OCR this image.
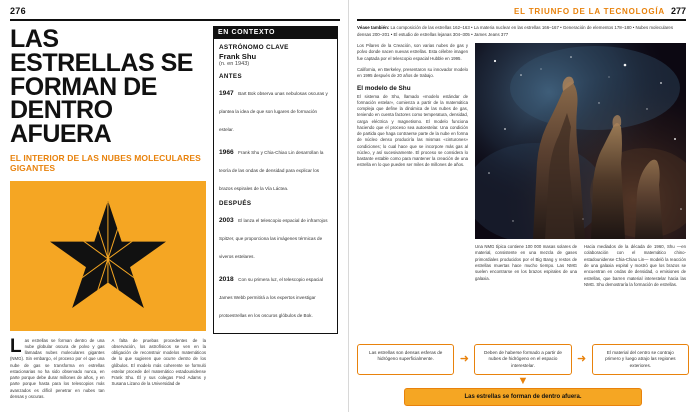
276
LAS ESTRELLAS SE FORMAN DE DENTRO AFUERA
EL INTERIOR DE LAS NUBES MOLECULARES GIGANTES

Las estrellas se forman dentro de una nube globular oscura de polvo y gas llamadas nubes moleculares gigantes (NMG). Sin embargo, el proceso por el que una nube de gas se transforma en estrellas estacionarias no ha sido observado nunca, en parte porque debe durar millones de años, y en parte porque hasta para los telescopios más avanzados es difícil penetrar en nubes tan densas y oscuras.

A falta de pruebas procedentes de la observación, los astrofísicos se ven en la obligación de reconstruir modelos matemáticos de lo que sugieren que ocurre dentro de los glóbulos. El modelo más coherente se formuló estelar procede del matemático estadounidense Frank Shu. Él y sus colegas Fred Adams y Susana Lizano de la Universidad de

EN CONTEXTO
ASTRÓNOMO CLAVE
Frank Shu
(n. en 1943)
ANTES
1947 Bart Bok observa unas nebulosas oscuras y plantea la idea de que son lugares de formación estelar.
1966 Frank Shu y Chia-Chiao Lin desarrollan la teoría de las ondas de densidad para explicar los brazos espirales de la Vía Láctea.
DESPUÉS
2003 El lanza el telescopio espacial de infrarrojos Spitzer, que proporciona las imágenes térmicas de viveros estelares.
2018 Con su primera luz, el telescopio espacial James Webb permitirá a los expertos investigar protoestrellas en los oscuros glóbulos de Bok.
EL TRIUNFO DE LA TECNOLOGÍA 277
Véase también: La composición de las estrellas 162–163 • La materia nuclear en las estrellas 166–167 • Generación de elementos 178–180 • Nubes moleculares densas 200–201 • El estudio de estrellas lejanas 304–305 • James Jeans 377

Los Pilares de la Creación, son varias nubes de gas y polvo donde nacen nuevas estrellas. Esta célebre imagen fue captada por el telescopio espacial Hubble en 1995.

California, en Berkeley, presentaron su innovador modelo en 1995 después de 20 años de trabajo.

El modelo de Shu

El sistema de Shu, llamado «modelo estándar de formación estelar», comienza a partir de la matemática compleja que define la dinámica de las nubes de gas, teniendo en cuenta factores como temperatura, densidad, carga eléctrica y magnetismo. El modelo funciona haciendo que el proceso sea autoestelar. Una condición de partida que haga contraerse parte de la nube en forma de núcleo denso produciría las mismas «cinturones» condiciones; lo cual hace que se incorpore más gas al núcleo, y así sucesivamente. El proceso se considera lo bastante estable como para mantener la creación de una estrella en lo que pueden ser miles de millones de años.

Una NMG típica contiene 100 000 masas solares de material, consistente en una mezcla de gases primordiales producidos por el Big Bang y restos de estrellas muertas hace mucho tiempo. Las NMG suelen encontrarse en los brazos espirales de una galaxia.

Hacia mediados de la década de 1960, Shu —en colaboración con el matemático chino-estadounidense Chia-Chiao Lin— modeló la reacción de una galaxia espiral y mostró que los brazos se encuentran en ondas de densidad, o emisiones de estrellas, que barren material interestelar hacia las NMG. Shu demostraría la formación de estrellas.

Las estrellas son densas esferas de hidrógeno superficialmente.	➜
Deben de haberse formado a partir de nubes de hidrógeno en el espacio interestelar.
➜
El material del centro se contrajo primero y luego atrajo las regiones exteriores.
▼
Las estrellas se forman de dentro afuera.
